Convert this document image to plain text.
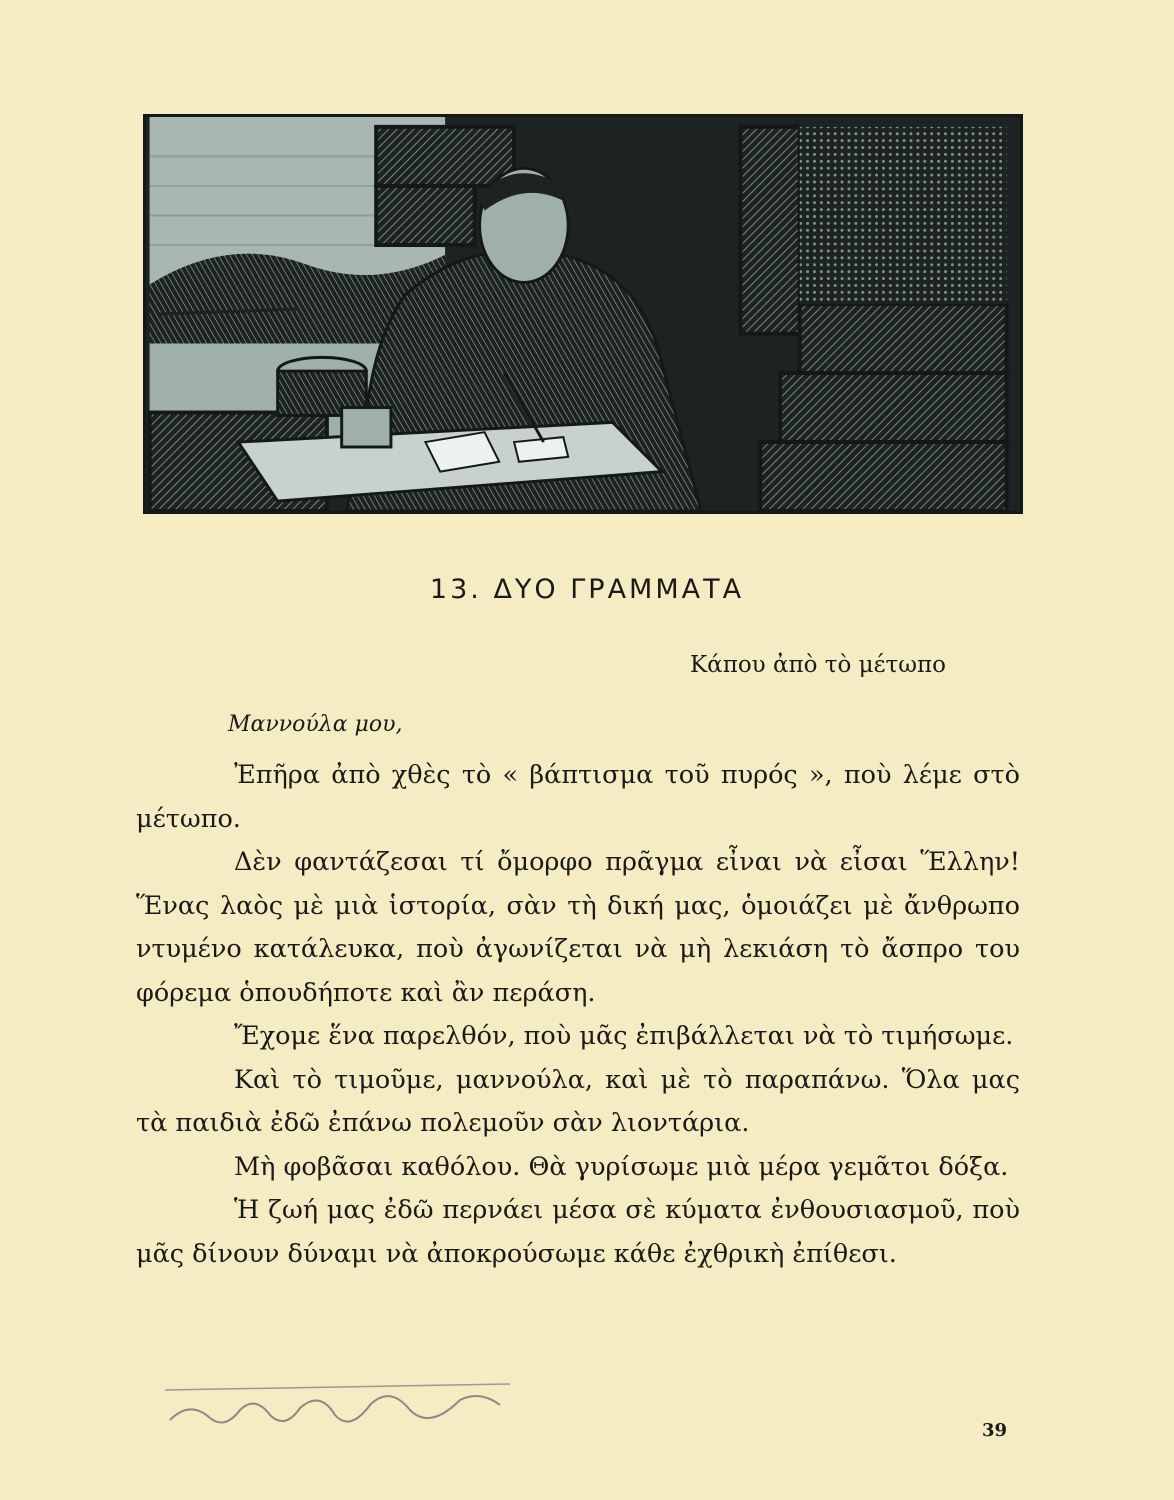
13. ΔΥΟ ΓΡΑΜΜΑΤΑ
Κάπου ἀπὸ τὸ μέτωπο
Μαννούλα μου,

Ἐπῆρα ἀπὸ χθὲς τὸ « βάπτισμα τοῦ πυρός », ποὺ λέμε στὸ μέτωπο.

Δὲν φαντάζεσαι τί ὄμορφο πρᾶγμα εἶναι νὰ εἶσαι Ἕλλην! Ἕνας λαὸς μὲ μιὰ ἱστορία, σὰν τὴ δική μας, ὁμοιάζει μὲ ἄνθρωπο ντυμένο κατάλευκα, ποὺ ἀγωνίζεται νὰ μὴ λεκιάση τὸ ἄσπρο του φόρεμα ὁπουδήποτε καὶ ἂν περάση.

Ἔχομε ἕνα παρελθόν, ποὺ μᾶς ἐπιβάλλεται νὰ τὸ τιμήσωμε.

Καὶ τὸ τιμοῦμε, μαννούλα, καὶ μὲ τὸ παραπάνω. Ὅλα μας τὰ παιδιὰ ἐδῶ ἐπάνω πολεμοῦν σὰν λιοντάρια.

Μὴ φοβᾶσαι καθόλου. Θὰ γυρίσωμε μιὰ μέρα γεμᾶτοι δόξα.

Ἡ ζωή μας ἐδῶ περνάει μέσα σὲ κύματα ἐνθουσιασμοῦ, ποὺ μᾶς δίνουν δύναμι νὰ ἀποκρούσωμε κάθε ἐχθρικὴ ἐπίθεσι.

39
